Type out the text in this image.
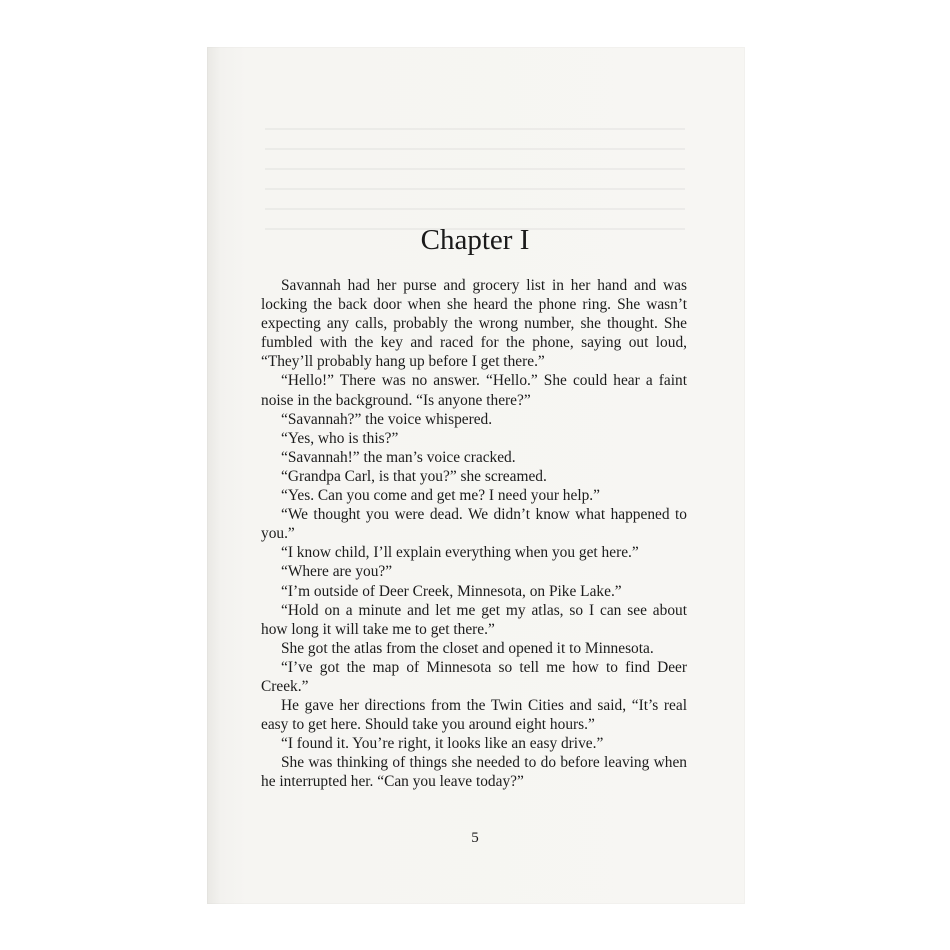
Chapter I

Savannah had her purse and grocery list in her hand and was locking the back door when she heard the phone ring. She wasn’t expecting any calls, probably the wrong number, she thought. She fumbled with the key and raced for the phone, saying out loud, “They’ll probably hang up before I get there.”

“Hello!” There was no answer. “Hello.” She could hear a faint noise in the background. “Is anyone there?”

“Savannah?” the voice whispered.

“Yes, who is this?”

“Savannah!” the man’s voice cracked.

“Grandpa Carl, is that you?” she screamed.

“Yes. Can you come and get me? I need your help.”

“We thought you were dead. We didn’t know what happened to you.”

“I know child, I’ll explain everything when you get here.”

“Where are you?”

“I’m outside of Deer Creek, Minnesota, on Pike Lake.”

“Hold on a minute and let me get my atlas, so I can see about how long it will take me to get there.”

She got the atlas from the closet and opened it to Minnesota.

“I’ve got the map of Minnesota so tell me how to find Deer Creek.”

He gave her directions from the Twin Cities and said, “It’s real easy to get here. Should take you around eight hours.”

“I found it. You’re right, it looks like an easy drive.”

She was thinking of things she needed to do before leaving when he interrupted her. “Can you leave today?”

5
